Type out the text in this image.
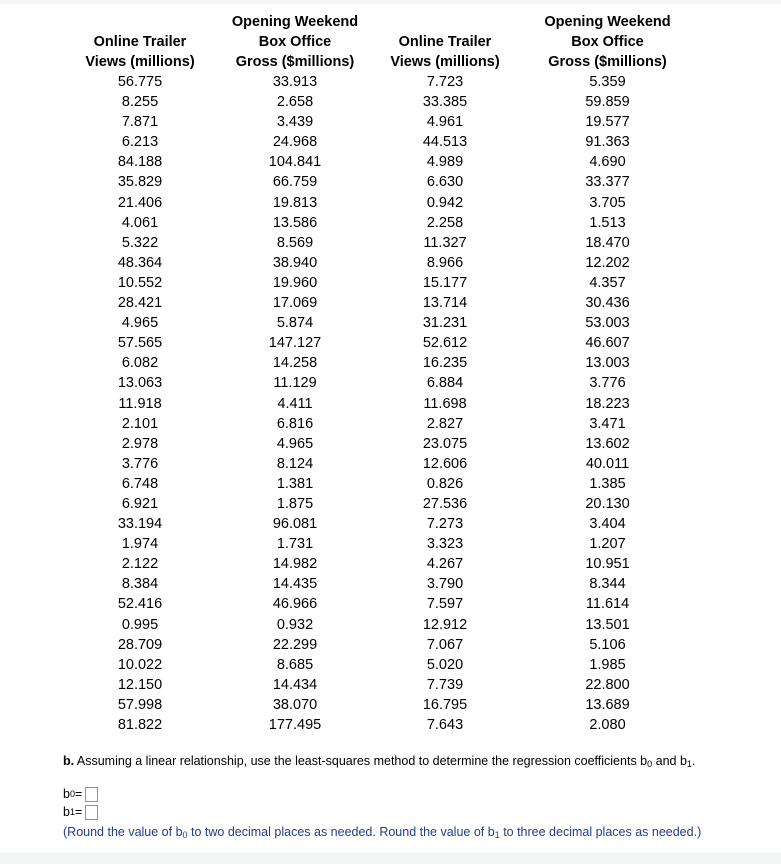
	Opening Weekend		Opening Weekend
Online Trailer	Box Office	Online Trailer	Box Office
Views (millions)	Gross ($millions)	Views (millions)	Gross ($millions)
56.775	33.913	7.723	5.359
8.255	2.658	33.385	59.859
7.871	3.439	4.961	19.577
6.213	24.968	44.513	91.363
84.188	104.841	4.989	4.690
35.829	66.759	6.630	33.377
21.406	19.813	0.942	3.705
4.061	13.586	2.258	1.513
5.322	8.569	11.327	18.470
48.364	38.940	8.966	12.202
10.552	19.960	15.177	4.357
28.421	17.069	13.714	30.436
4.965	5.874	31.231	53.003
57.565	147.127	52.612	46.607
6.082	14.258	16.235	13.003
13.063	11.129	6.884	3.776
11.918	4.411	11.698	18.223
2.101	6.816	2.827	3.471
2.978	4.965	23.075	13.602
3.776	8.124	12.606	40.011
6.748	1.381	0.826	1.385
6.921	1.875	27.536	20.130
33.194	96.081	7.273	3.404
1.974	1.731	3.323	1.207
2.122	14.982	4.267	10.951
8.384	14.435	3.790	8.344
52.416	46.966	7.597	11.614
0.995	0.932	12.912	13.501
28.709	22.299	7.067	5.106
10.022	8.685	5.020	1.985
12.150	14.434	7.739	22.800
57.998	38.070	16.795	13.689
81.822	177.495	7.643	2.080
b. Assuming a linear relationship, use the least-squares method to determine the regression coefficients $b_0$ and $b_1$.
b 0 =
b 1 =
(Round the value of $b_0$ to two decimal places as needed. Round the value of $b_1$ to three decimal places as needed.)
